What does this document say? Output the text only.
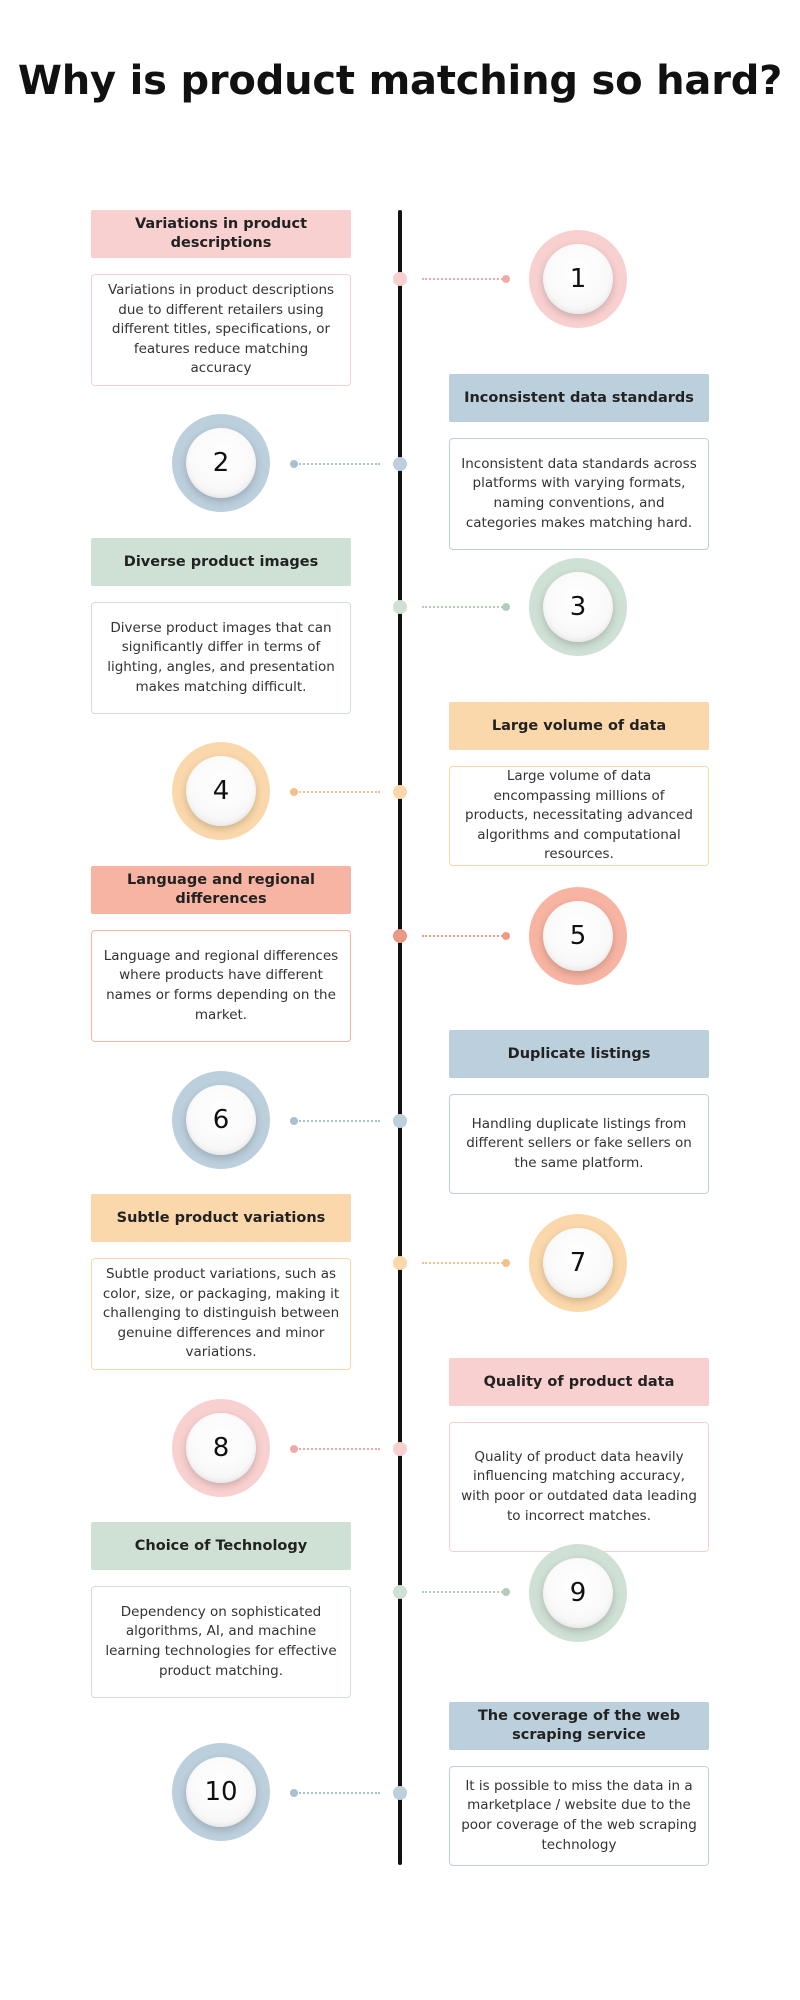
Why is product matching so hard?
Variations in product descriptions
Variations in product descriptions due to different retailers using different titles, specifications, or features reduce matching accuracy
1
Inconsistent data standards
Inconsistent data standards across platforms with varying formats, naming conventions, and categories makes matching hard.
2
Diverse product images
Diverse product images that can significantly differ in terms of lighting, angles, and presentation makes matching difficult.
3
Large volume of data
Large volume of data encompassing millions of products, necessitating advanced algorithms and computational resources.
4
Language and regional differences
Language and regional differences where products have different names or forms depending on the market.
5
Duplicate listings
Handling duplicate listings from different sellers or fake sellers on the same platform.
6
Subtle product variations
Subtle product variations, such as color, size, or packaging, making it challenging to distinguish between genuine differences and minor variations.
7
Quality of product data
Quality of product data heavily influencing matching accuracy, with poor or outdated data leading to incorrect matches.
8
Choice of Technology
Dependency on sophisticated algorithms, AI, and machine learning technologies for effective product matching.
9
The coverage of the web scraping service
It is possible to miss the data in a marketplace / website due to the poor coverage of the web scraping technology
10
